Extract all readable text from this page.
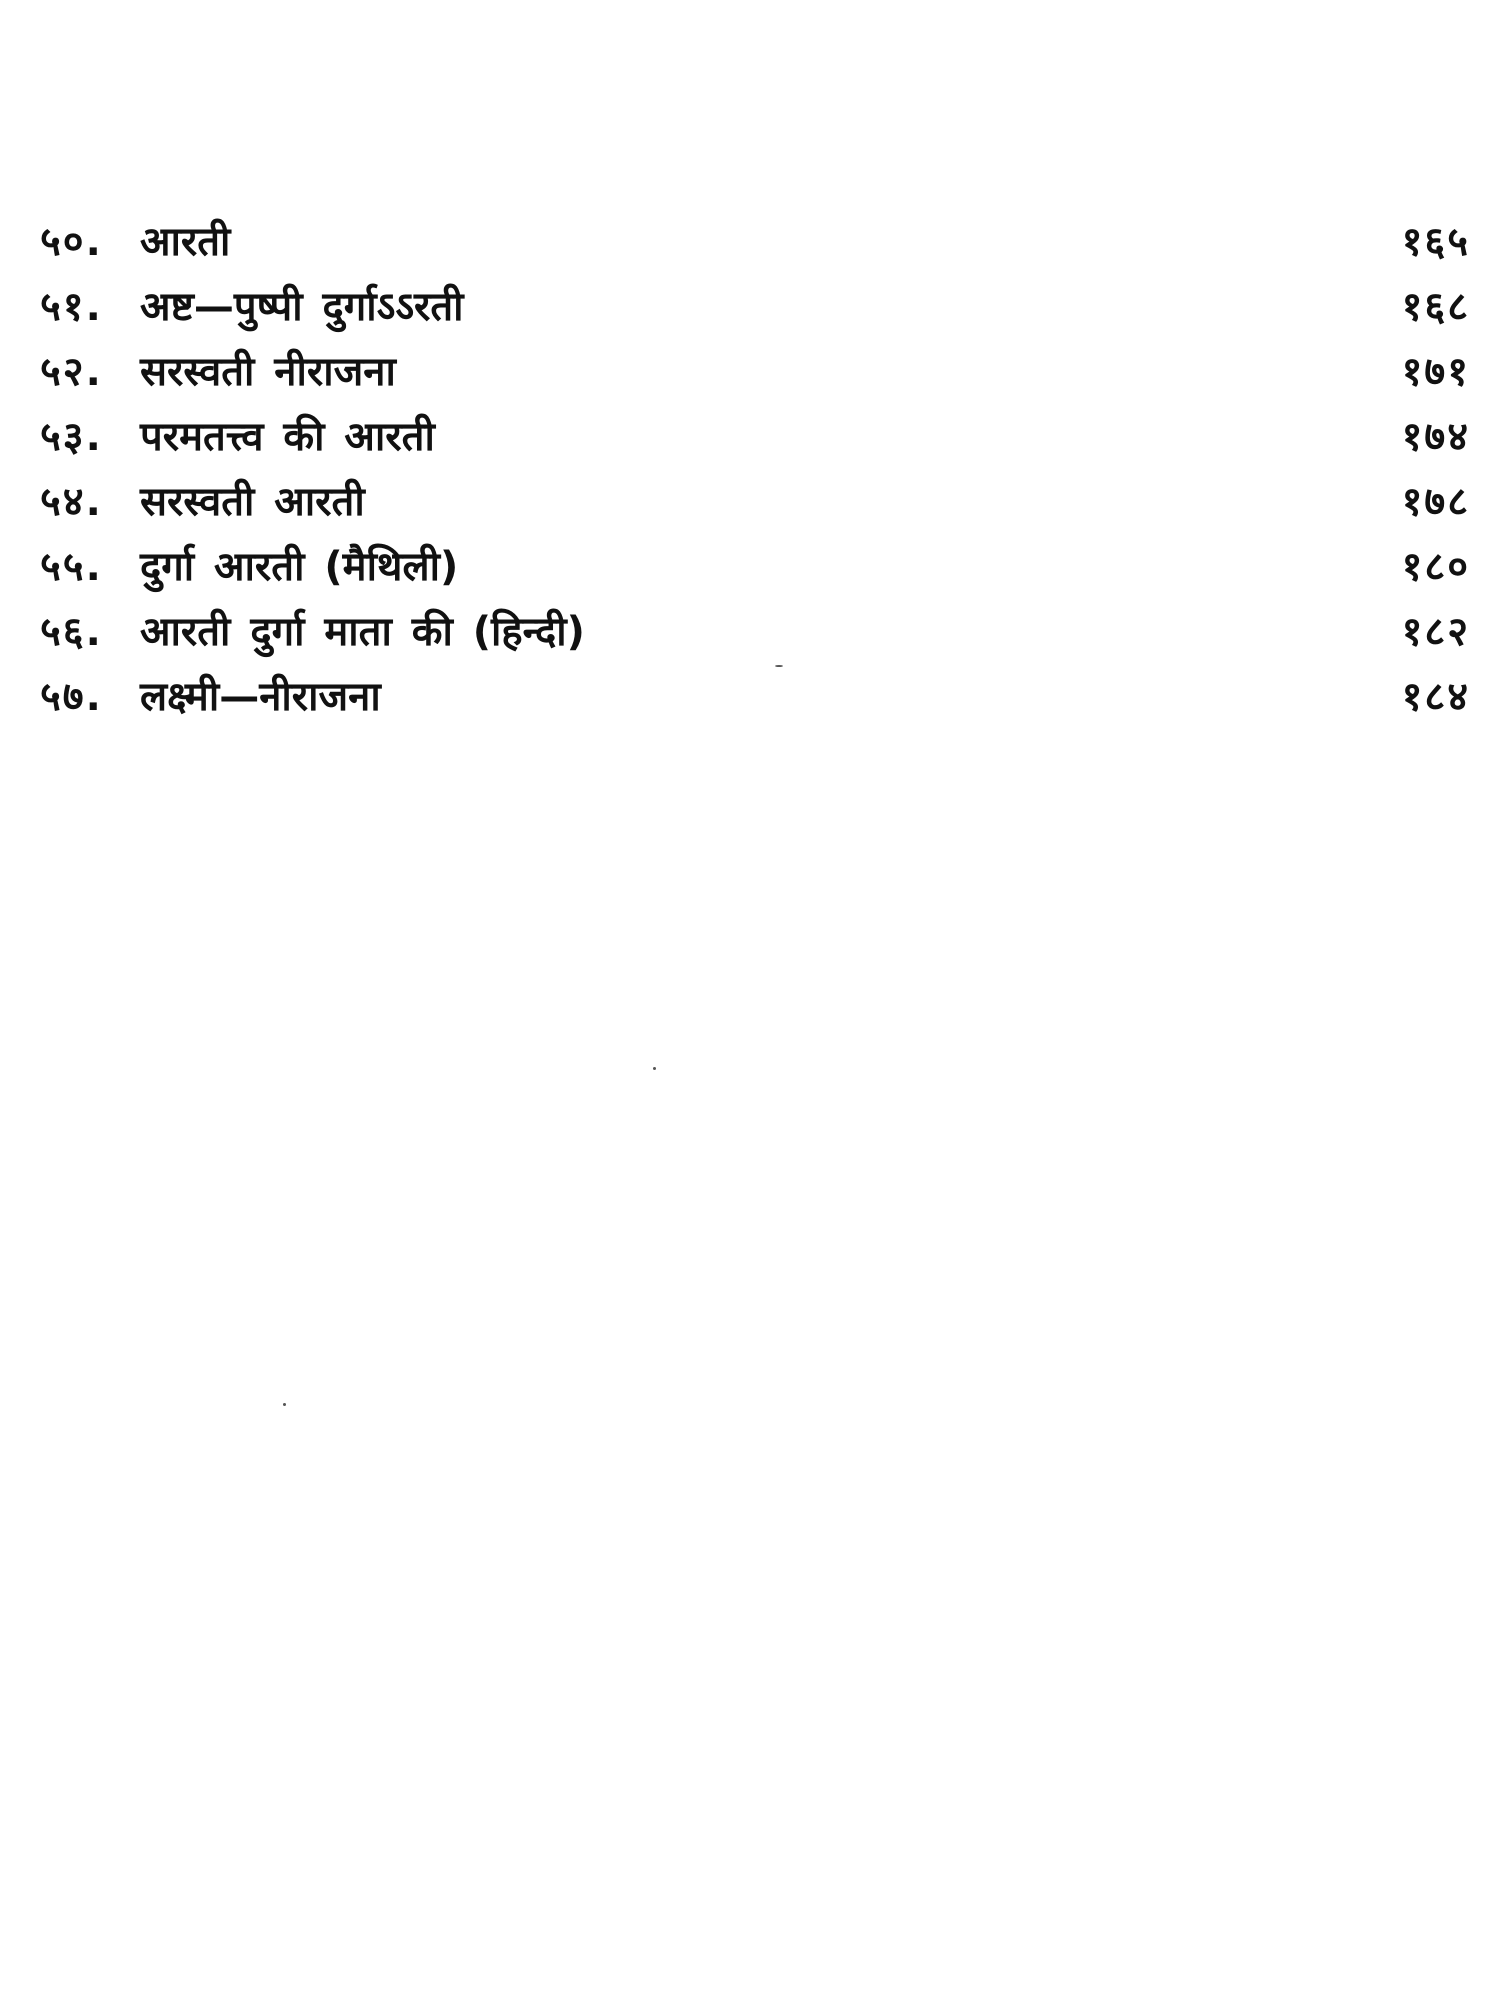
५०. आरती	१६५
५१. अष्ट—पुष्पी दुर्गाऽऽरती	१६८
५२. सरस्वती नीराजना	१७१
५३. परमतत्त्व की आरती	१७४
५४. सरस्वती आरती	१७८
५५. दुर्गा आरती (मैथिली)	१८०
५६. आरती दुर्गा माता की (हिन्दी)	१८२
५७. लक्ष्मी—नीराजना	१८४
